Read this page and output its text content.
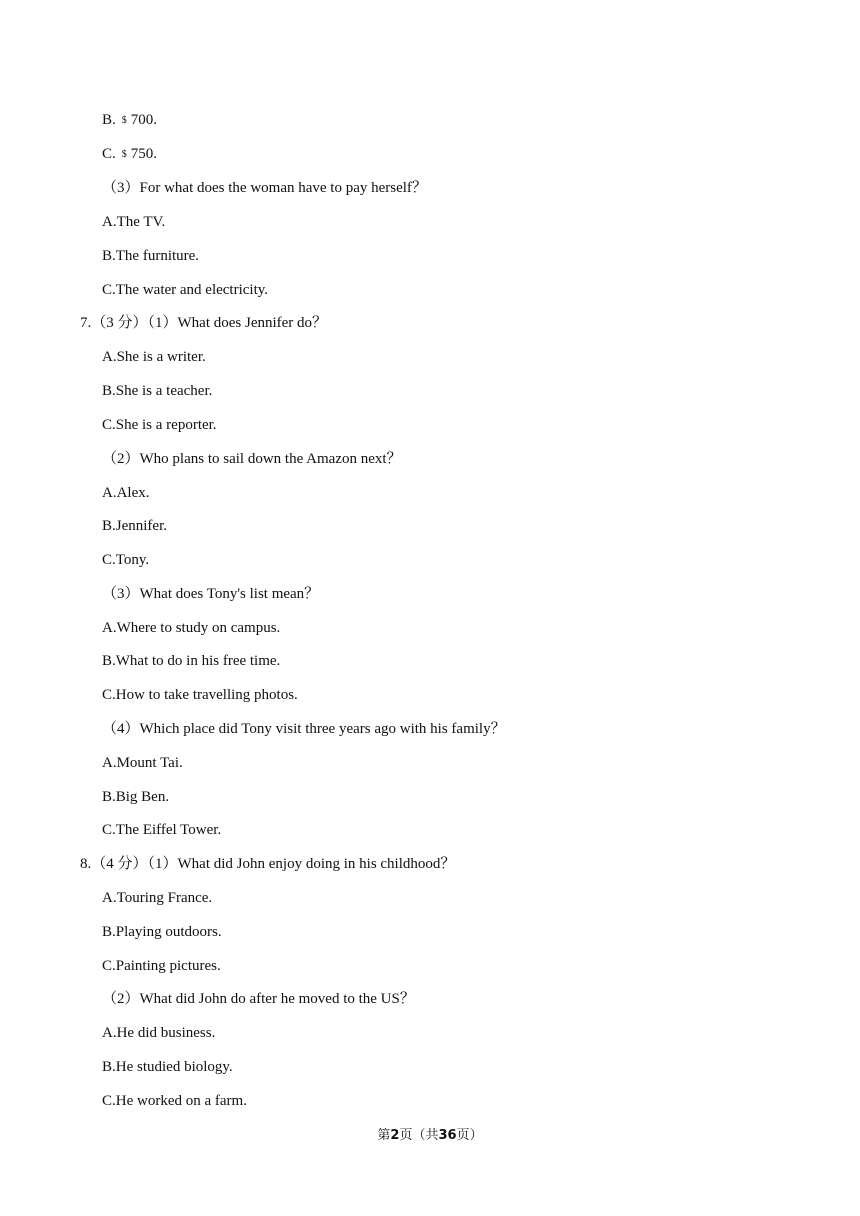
B. $ 700.
C. $ 750.
（3）For what does the woman have to pay herself？
A.The TV.
B.The furniture.
C.The water and electricity.
7.（3 分）（1）What does Jennifer do？
A.She is a writer.
B.She is a teacher.
C.She is a reporter.
（2）Who plans to sail down the Amazon next？
A.Alex.
B.Jennifer.
C.Tony.
（3）What does Tony's list mean？
A.Where to study on campus.
B.What to do in his free time.
C.How to take travelling photos.
（4）Which place did Tony visit three years ago with his family？
A.Mount Tai.
B.Big Ben.
C.The Eiffel Tower.
8.（4 分）（1）What did John enjoy doing in his childhood？
A.Touring France.
B.Playing outdoors.
C.Painting pictures.
（2）What did John do after he moved to the US？
A.He did business.
B.He studied biology.
C.He worked on a farm.
第2页（共36页）
